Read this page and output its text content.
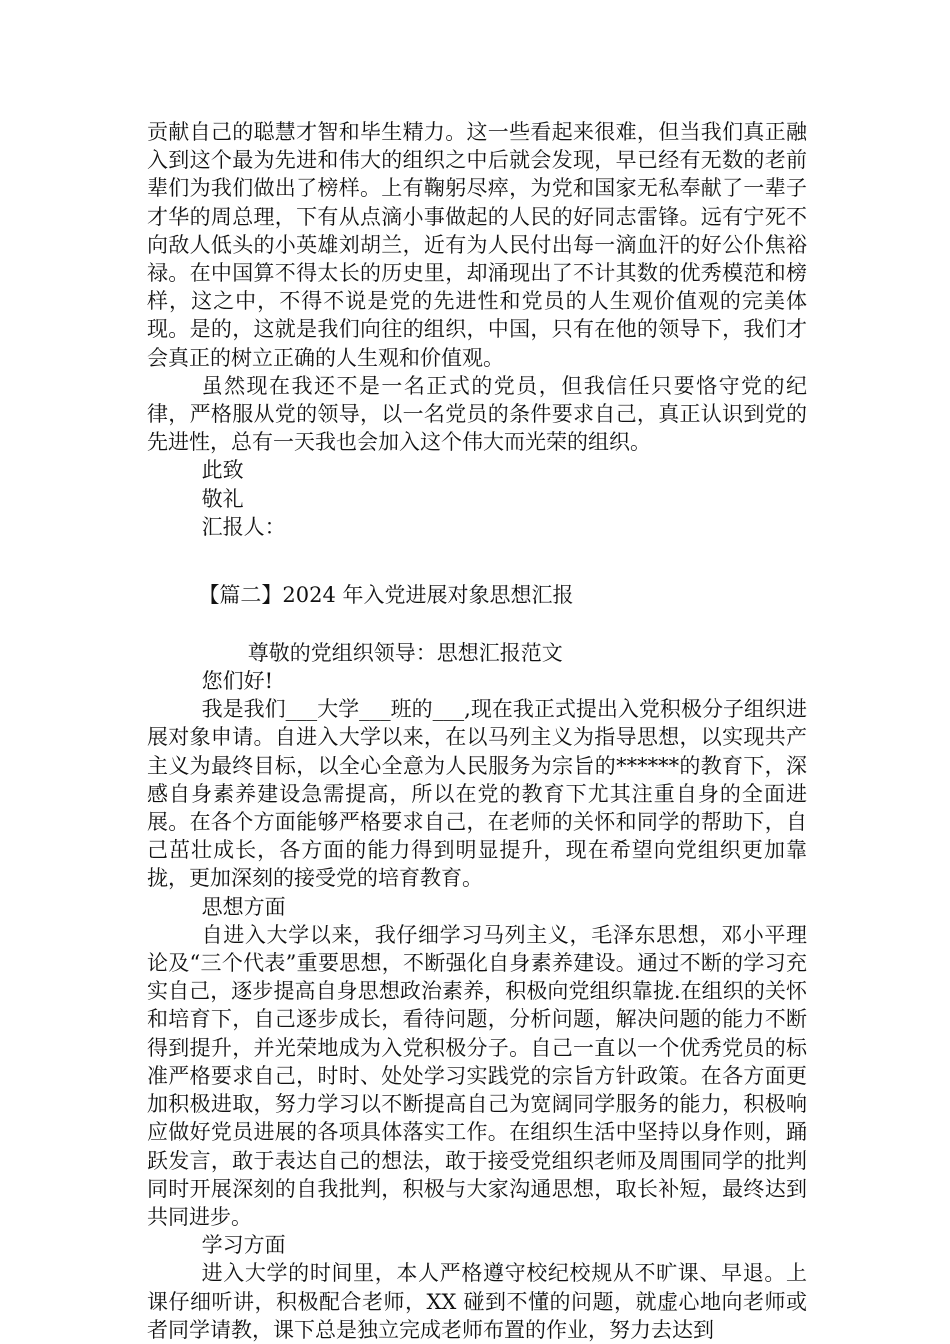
贡献自己的聪慧才智和毕生精力。这一些看起来很难，但当我们真正融入到这个最为先进和伟大的组织之中后就会发现，早已经有无数的老前辈们为我们做出了榜样。上有鞠躬尽瘁，为党和国家无私奉献了一辈子才华的周总理，下有从点滴小事做起的人民的好同志雷锋。远有宁死不向敌人低头的小英雄刘胡兰，近有为人民付出每一滴血汗的好公仆焦裕禄。在中国算不得太长的历史里，却涌现出了不计其数的优秀模范和榜样，这之中，不得不说是党的先进性和党员的人生观价值观的完美体现。是的，这就是我们向往的组织，中国，只有在他的领导下，我们才会真正的树立正确的人生观和价值观。

虽然现在我还不是一名正式的党员，但我信任只要恪守党的纪律，严格服从党的领导，以一名党员的条件要求自己，真正认识到党的先进性，总有一天我也会加入这个伟大而光荣的组织。

此致

敬礼

汇报人：

【篇二】2024 年入党进展对象思想汇报

尊敬的党组织领导：思想汇报范文

您们好!

我是我们___大学___班的___,现在我正式提出入党积极分子组织进展对象申请。自进入大学以来，在以马列主义为指导思想，以实现共产主义为最终目标，以全心全意为人民服务为宗旨的******的教育下，深感自身素养建设急需提高，所以在党的教育下尤其注重自身的全面进展。在各个方面能够严格要求自己，在老师的关怀和同学的帮助下，自己茁壮成长，各方面的能力得到明显提升，现在希望向党组织更加靠拢，更加深刻的接受党的培育教育。

思想方面

自进入大学以来，我仔细学习马列主义，毛泽东思想，邓小平理论及“三个代表”重要思想，不断强化自身素养建设。通过不断的学习充实自己，逐步提高自身思想政治素养，积极向党组织靠拢.在组织的关怀和培育下，自己逐步成长，看待问题，分析问题，解决问题的能力不断得到提升，并光荣地成为入党积极分子。自己一直以一个优秀党员的标准严格要求自己，时时、处处学习实践党的宗旨方针政策。在各方面更加积极进取，努力学习以不断提高自己为宽阔同学服务的能力，积极响应做好党员进展的各项具体落实工作。在组织生活中坚持以身作则，踊跃发言，敢于表达自己的想法，敢于接受党组织老师及周围同学的批判同时开展深刻的自我批判，积极与大家沟通思想，取长补短，最终达到共同进步。

学习方面

进入大学的时间里，本人严格遵守校纪校规从不旷课、早退。上课仔细听讲，积极配合老师，XX 碰到不懂的问题，就虚心地向老师或者同学请教，课下总是独立完成老师布置的作业，努力去达到
